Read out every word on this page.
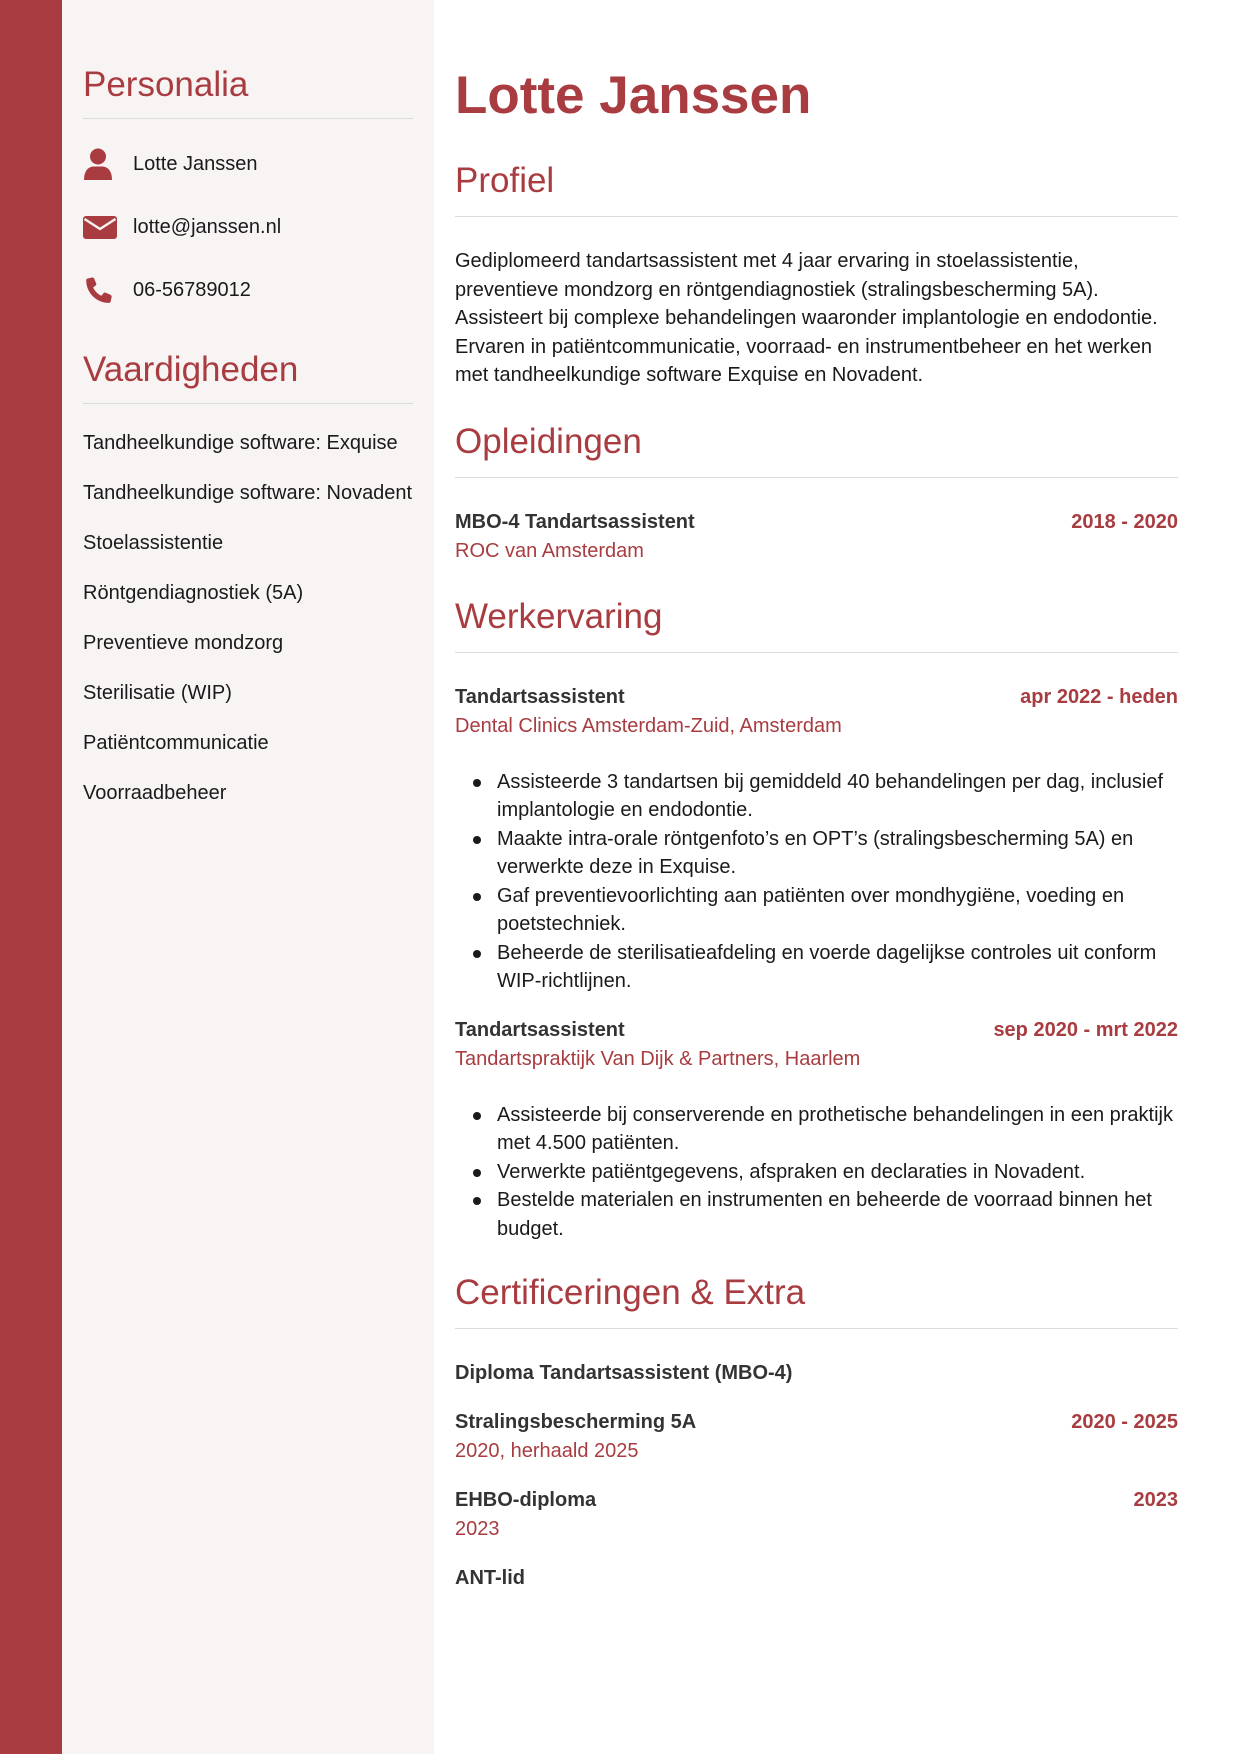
Personalia
Lotte Janssen
lotte@janssen.nl
06-56789012
Vaardigheden
Tandheelkundige software: Exquise
Tandheelkundige software: Novadent
Stoelassistentie
Röntgendiagnostiek (5A)
Preventieve mondzorg
Sterilisatie (WIP)
Patiëntcommunicatie
Voorraadbeheer
Lotte Janssen
Profiel

Gediplomeerd tandartsassistent met 4 jaar ervaring in stoelassistentie, preventieve mondzorg en röntgendiagnostiek (stralingsbescherming 5A). Assisteert bij complexe behandelingen waaronder implantologie en endodontie. Ervaren in patiëntcommunicatie, voorraad- en instrumentbeheer en het werken met tandheelkundige software Exquise en Novadent.

Opleidingen
MBO-4 Tandartsassistent	2018 - 2020
ROC van Amsterdam
Werkervaring
Tandartsassistent	apr 2022 - heden
Dental Clinics Amsterdam-Zuid, Amsterdam
Assisteerde 3 tandartsen bij gemiddeld 40 behandelingen per dag, inclusief implantologie en endodontie.
Maakte intra-orale röntgenfoto’s en OPT’s (stralingsbescherming 5A) en verwerkte deze in Exquise.
Gaf preventievoorlichting aan patiënten over mondhygiëne, voeding en poetstechniek.
Beheerde de sterilisatieafdeling en voerde dagelijkse controles uit conform WIP-richtlijnen.
Tandartsassistent	sep 2020 - mrt 2022
Tandartspraktijk Van Dijk & Partners, Haarlem
Assisteerde bij conserverende en prothetische behandelingen in een praktijk met 4.500 patiënten.
Verwerkte patiëntgegevens, afspraken en declaraties in Novadent.
Bestelde materialen en instrumenten en beheerde de voorraad binnen het budget.
Certificeringen & Extra
Diploma Tandartsassistent (MBO-4)
Stralingsbescherming 5A	2020 - 2025
2020, herhaald 2025
EHBO-diploma	2023
2023
ANT-lid
